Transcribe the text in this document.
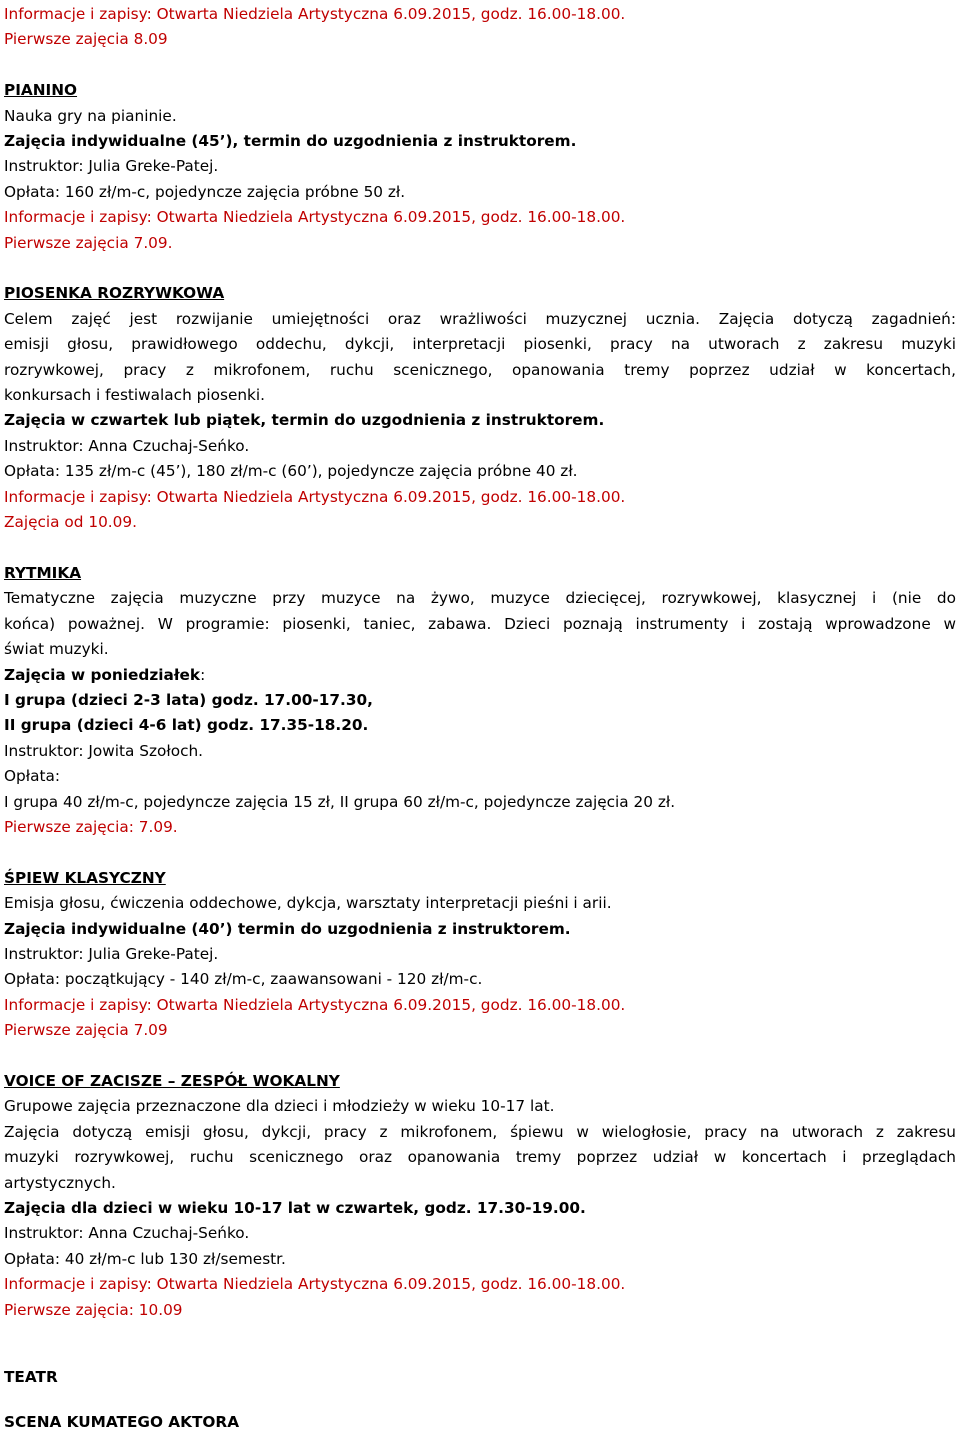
Informacje i zapisy: Otwarta Niedziela Artystyczna 6.09.2015, godz. 16.00-18.00.

Pierwsze zajęcia 8.09

PIANINO

Nauka gry na pianinie.

Zajęcia indywidualne (45’), termin do uzgodnienia z instruktorem.

Instruktor: Julia Greke-Patej.

Opłata: 160 zł/m-c, pojedyncze zajęcia próbne 50 zł.

Informacje i zapisy: Otwarta Niedziela Artystyczna 6.09.2015, godz. 16.00-18.00.

Pierwsze zajęcia 7.09.

PIOSENKA ROZRYWKOWA

Celem zajęć jest rozwijanie umiejętności oraz wrażliwości muzycznej ucznia. Zajęcia dotyczą zagadnień:

emisji głosu, prawidłowego oddechu, dykcji, interpretacji piosenki, pracy na utworach z zakresu muzyki

rozrywkowej, pracy z mikrofonem, ruchu scenicznego, opanowania tremy poprzez udział w koncertach,

konkursach i festiwalach piosenki.

Zajęcia w czwartek lub piątek, termin do uzgodnienia z instruktorem.

Instruktor: Anna Czuchaj-Seńko.

Opłata: 135 zł/m-c (45’), 180 zł/m-c (60’), pojedyncze zajęcia próbne 40 zł.

Informacje i zapisy: Otwarta Niedziela Artystyczna 6.09.2015, godz. 16.00-18.00.

Zajęcia od 10.09.

RYTMIKA

Tematyczne zajęcia muzyczne przy muzyce na żywo, muzyce dziecięcej, rozrywkowej, klasycznej i (nie do

końca) poważnej. W programie: piosenki, taniec, zabawa. Dzieci poznają instrumenty i zostają wprowadzone w

świat muzyki.

Zajęcia w poniedziałek:

I grupa (dzieci 2-3 lata) godz. 17.00-17.30,

II grupa (dzieci 4-6 lat) godz. 17.35-18.20.

Instruktor: Jowita Szołoch.

Opłata:

I grupa 40 zł/m-c, pojedyncze zajęcia 15 zł, II grupa 60 zł/m-c, pojedyncze zajęcia 20 zł.

Pierwsze zajęcia: 7.09.

ŚPIEW KLASYCZNY

Emisja głosu, ćwiczenia oddechowe, dykcja, warsztaty interpretacji pieśni i arii.

Zajęcia indywidualne (40’) termin do uzgodnienia z instruktorem.

Instruktor: Julia Greke-Patej.

Opłata: początkujący - 140 zł/m-c, zaawansowani - 120 zł/m-c.

Informacje i zapisy: Otwarta Niedziela Artystyczna 6.09.2015, godz. 16.00-18.00.

Pierwsze zajęcia 7.09

VOICE OF ZACISZE – ZESPÓŁ WOKALNY

Grupowe zajęcia przeznaczone dla dzieci i młodzieży w wieku 10-17 lat.

Zajęcia dotyczą emisji głosu, dykcji, pracy z mikrofonem, śpiewu w wielogłosie, pracy na utworach z zakresu

muzyki rozrywkowej, ruchu scenicznego oraz opanowania tremy poprzez udział w koncertach i przeglądach

artystycznych.

Zajęcia dla dzieci w wieku 10-17 lat w czwartek, godz. 17.30-19.00.

Instruktor: Anna Czuchaj-Seńko.

Opłata: 40 zł/m-c lub 130 zł/semestr.

Informacje i zapisy: Otwarta Niedziela Artystyczna 6.09.2015, godz. 16.00-18.00.

Pierwsze zajęcia: 10.09

TEATR

SCENA KUMATEGO AKTORA
